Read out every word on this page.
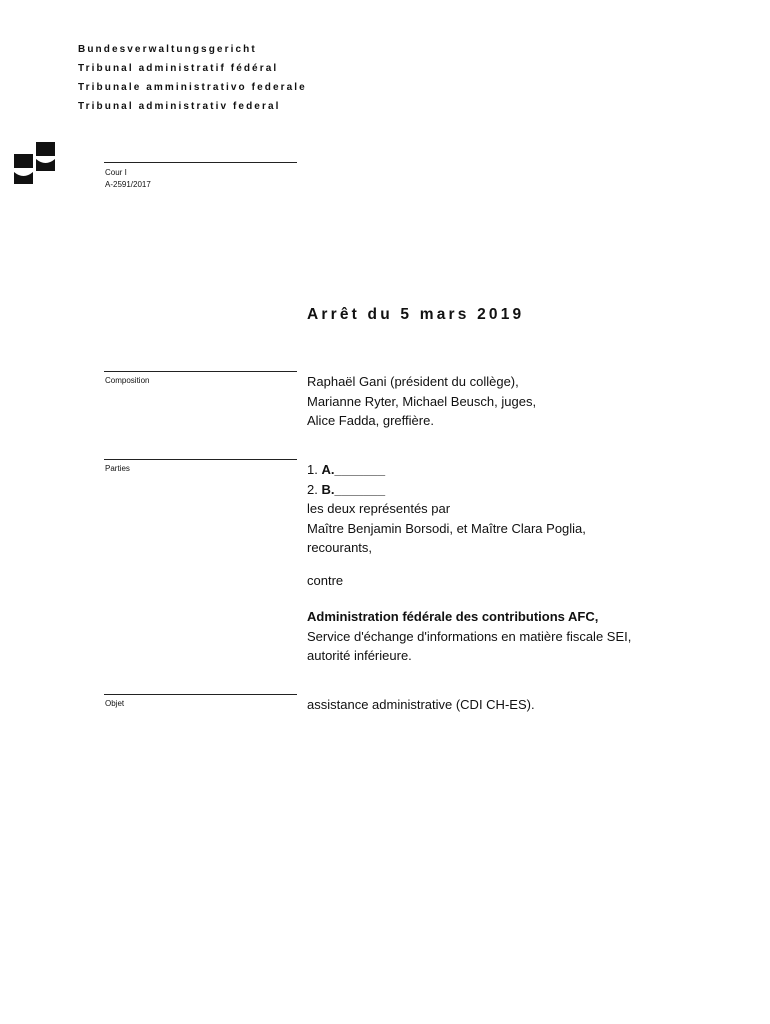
Bundesverwaltungsgericht
Tribunal administratif fédéral
Tribunale amministrativo federale
Tribunal administrativ federal
Cour I
A-2591/2017
Arrêt du 5 mars 2019
Composition	Raphaël Gani (président du collège),
Marianne Ryter, Michael Beusch, juges,
Alice Fadda, greffière.
Parties	1. A._______
2. B._______
les deux représentés par
Maître Benjamin Borsodi, et Maître Clara Poglia,
recourants,
contre
Administration fédérale des contributions AFC,
Service d'échange d'informations en matière fiscale SEI,
autorité inférieure.
Objet	assistance administrative (CDI CH-ES).
